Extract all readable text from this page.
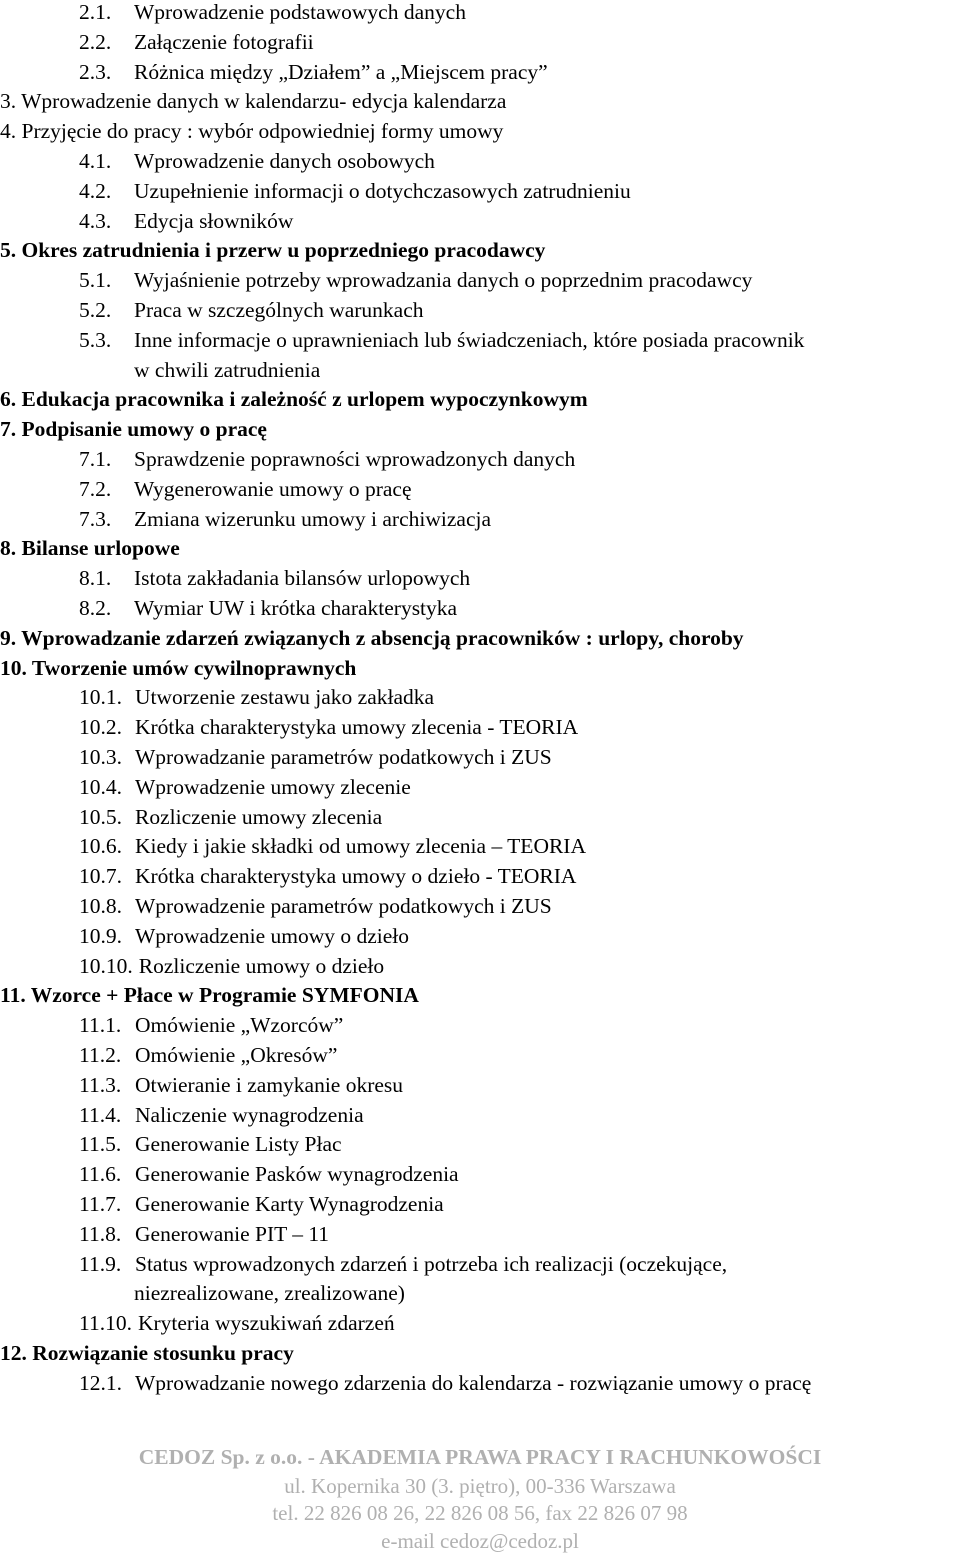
2.1. Wprowadzenie podstawowych danych
2.2. Załączenie fotografii
2.3. Różnica między „Działem” a „Miejscem pracy”
3. Wprowadzenie danych w kalendarzu- edycja kalendarza
4. Przyjęcie do pracy : wybór odpowiedniej formy umowy
4.1. Wprowadzenie danych osobowych
4.2. Uzupełnienie informacji o dotychczasowych zatrudnieniu
4.3. Edycja słowników
5. Okres zatrudnienia i przerw u poprzedniego pracodawcy
5.1. Wyjaśnienie potrzeby wprowadzania danych o poprzednim pracodawcy
5.2. Praca w szczególnych warunkach
5.3. Inne informacje o uprawnieniach lub świadczeniach, które posiada pracownik
w chwili zatrudnienia
6. Edukacja pracownika i zależność z urlopem wypoczynkowym
7. Podpisanie umowy o pracę
7.1. Sprawdzenie poprawności wprowadzonych danych
7.2. Wygenerowanie umowy o pracę
7.3. Zmiana wizerunku umowy i archiwizacja
8. Bilanse urlopowe
8.1. Istota zakładania bilansów urlopowych
8.2. Wymiar UW i krótka charakterystyka
9. Wprowadzanie zdarzeń związanych z absencją pracowników : urlopy, choroby
10. Tworzenie umów cywilnoprawnych
10.1. Utworzenie zestawu jako zakładka
10.2. Krótka charakterystyka umowy zlecenia - TEORIA
10.3. Wprowadzanie parametrów podatkowych i ZUS
10.4. Wprowadzenie umowy zlecenie
10.5. Rozliczenie umowy zlecenia
10.6. Kiedy i jakie składki od umowy zlecenia – TEORIA
10.7. Krótka charakterystyka umowy o dzieło - TEORIA
10.8. Wprowadzenie parametrów podatkowych i ZUS
10.9. Wprowadzenie umowy o dzieło
10.10. Rozliczenie umowy o dzieło
11. Wzorce + Płace w Programie SYMFONIA
11.1. Omówienie „Wzorców”
11.2. Omówienie „Okresów”
11.3. Otwieranie i zamykanie okresu
11.4. Naliczenie wynagrodzenia
11.5. Generowanie Listy Płac
11.6. Generowanie Pasków wynagrodzenia
11.7. Generowanie Karty Wynagrodzenia
11.8. Generowanie PIT – 11
11.9. Status wprowadzonych zdarzeń i potrzeba ich realizacji (oczekujące,
niezrealizowane, zrealizowane)
11.10. Kryteria wyszukiwań zdarzeń
12. Rozwiązanie stosunku pracy
12.1. Wprowadzanie nowego zdarzenia do kalendarza - rozwiązanie umowy o pracę
CEDOZ Sp. z o.o. - AKADEMIA PRAWA PRACY I RACHUNKOWOŚCI
ul. Kopernika 30 (3. piętro), 00-336 Warszawa
tel. 22 826 08 26, 22 826 08 56, fax 22 826 07 98
e-mail cedoz@cedoz.pl
